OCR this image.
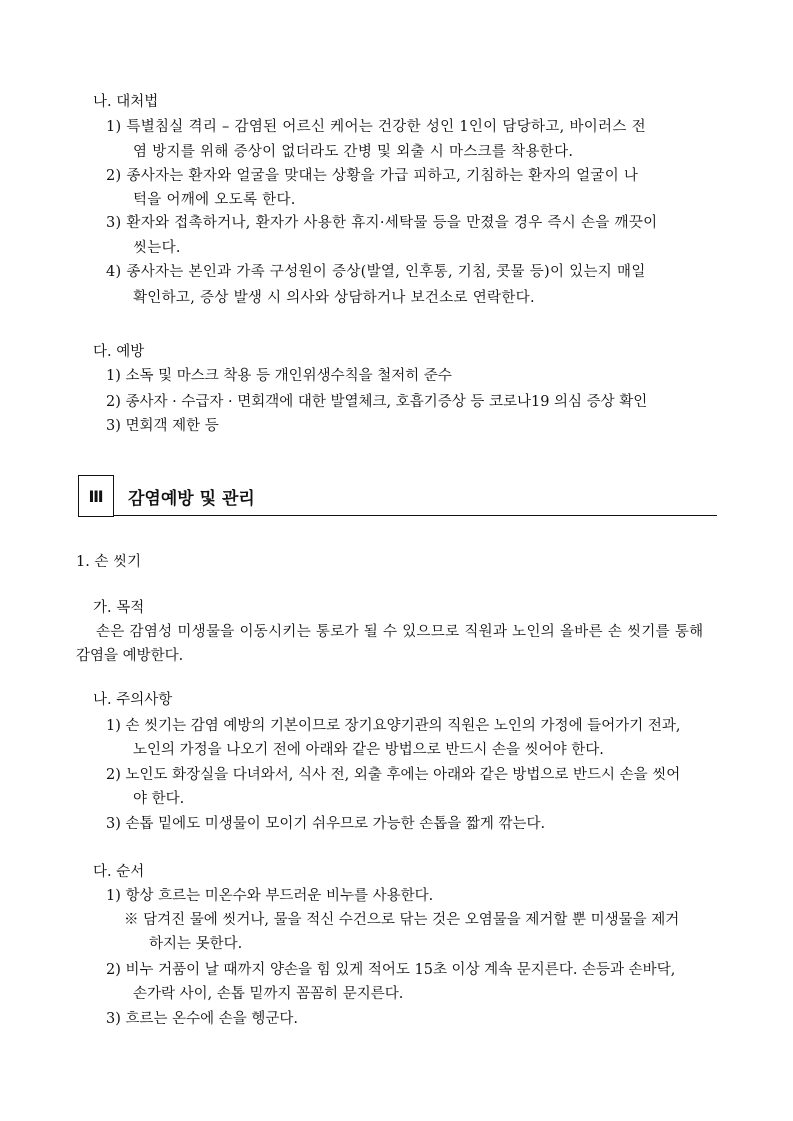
나. 대처법
1) 특별침실 격리 – 감염된 어르신 케어는 건강한 성인 1인이 담당하고, 바이러스 전
염 방지를 위해 증상이 없더라도 간병 및 외출 시 마스크를 착용한다.
2) 종사자는 환자와 얼굴을 맞대는 상황을 가급 피하고, 기침하는 환자의 얼굴이 나
턱을 어깨에 오도록 한다.
3) 환자와 접촉하거나, 환자가 사용한 휴지·세탁물 등을 만졌을 경우 즉시 손을 깨끗이
씻는다.
4) 종사자는 본인과 가족 구성원이 증상(발열, 인후통, 기침, 콧물 등)이 있는지 매일
확인하고, 증상 발생 시 의사와 상담하거나 보건소로 연락한다.
다. 예방
1) 소독 및 마스크 착용 등 개인위생수칙을 철저히 준수
2) 종사자 · 수급자 · 면회객에 대한 발열체크, 호흡기증상 등 코로나19 의심 증상 확인
3) 면회객 제한 등
Ⅲ	감염예방 및 관리
1. 손 씻기
가. 목적
손은 감염성 미생물을 이동시키는 통로가 될 수 있으므로 직원과 노인의 올바른 손 씻기를 통해
감염을 예방한다.
나. 주의사항
1) 손 씻기는 감염 예방의 기본이므로 장기요양기관의 직원은 노인의 가정에 들어가기 전과,
노인의 가정을 나오기 전에 아래와 같은 방법으로 반드시 손을 씻어야 한다.
2) 노인도 화장실을 다녀와서, 식사 전, 외출 후에는 아래와 같은 방법으로 반드시 손을 씻어
야 한다.
3) 손톱 밑에도 미생물이 모이기 쉬우므로 가능한 손톱을 짧게 깎는다.
다. 순서
1) 항상 흐르는 미온수와 부드러운 비누를 사용한다.
※ 담겨진 물에 씻거나, 물을 적신 수건으로 닦는 것은 오염물을 제거할 뿐 미생물을 제거
하지는 못한다.
2) 비누 거품이 날 때까지 양손을 힘 있게 적어도 15초 이상 계속 문지른다. 손등과 손바닥,
손가락 사이, 손톱 밑까지 꼼꼼히 문지른다.
3) 흐르는 온수에 손을 헹군다.
